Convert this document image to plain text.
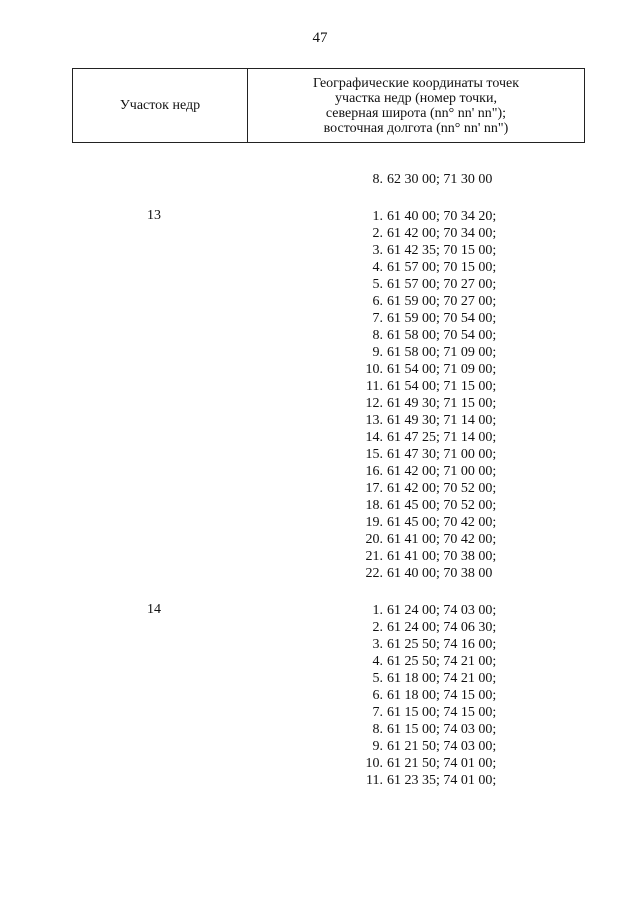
47
Участок недр
Географические координаты точек
участка недр (номер точки,
северная широта (nn° nn' nn");
восточная долгота (nn° nn' nn")
8. 62 30 00; 71 30 00
13	1. 61 40 00; 70 34 20;
2. 61 42 00; 70 34 00;
3. 61 42 35; 70 15 00;
4. 61 57 00; 70 15 00;
5. 61 57 00; 70 27 00;
6. 61 59 00; 70 27 00;
7. 61 59 00; 70 54 00;
8. 61 58 00; 70 54 00;
9. 61 58 00; 71 09 00;
10. 61 54 00; 71 09 00;
11. 61 54 00; 71 15 00;
12. 61 49 30; 71 15 00;
13. 61 49 30; 71 14 00;
14. 61 47 25; 71 14 00;
15. 61 47 30; 71 00 00;
16. 61 42 00; 71 00 00;
17. 61 42 00; 70 52 00;
18. 61 45 00; 70 52 00;
19. 61 45 00; 70 42 00;
20. 61 41 00; 70 42 00;
21. 61 41 00; 70 38 00;
22. 61 40 00; 70 38 00
14	1. 61 24 00; 74 03 00;
2. 61 24 00; 74 06 30;
3. 61 25 50; 74 16 00;
4. 61 25 50; 74 21 00;
5. 61 18 00; 74 21 00;
6. 61 18 00; 74 15 00;
7. 61 15 00; 74 15 00;
8. 61 15 00; 74 03 00;
9. 61 21 50; 74 03 00;
10. 61 21 50; 74 01 00;
11. 61 23 35; 74 01 00;
